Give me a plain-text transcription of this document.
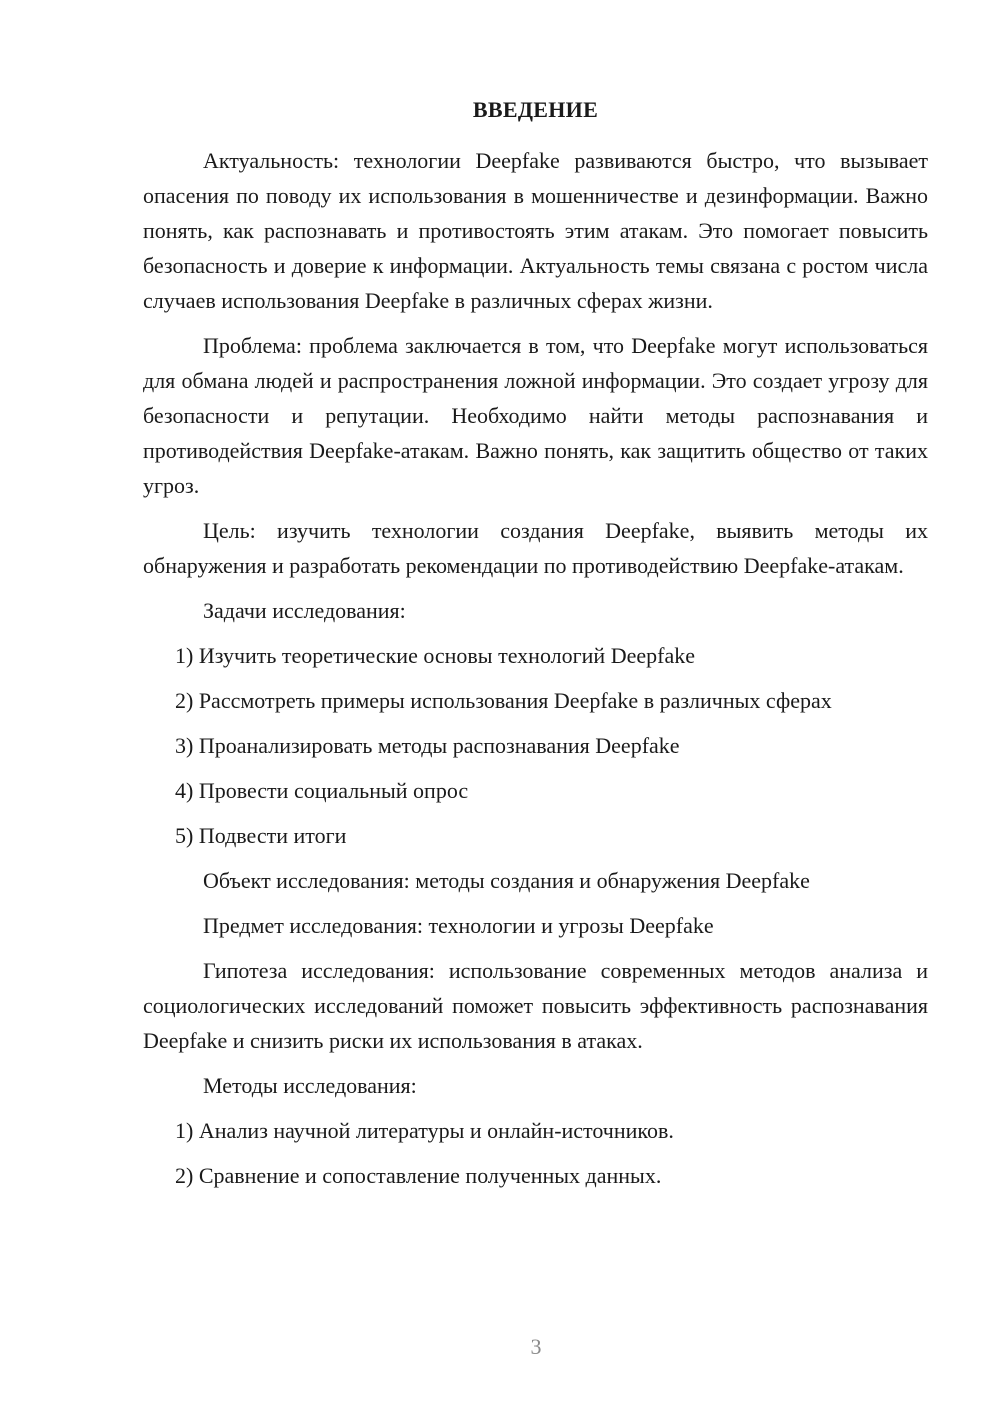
ВВЕДЕНИЕ

Актуальность: технологии Deepfake развиваются быстро, что вызывает опасения по поводу их использования в мошенничестве и дезинформации. Важно понять, как распознавать и противостоять этим атакам. Это помогает повысить безопасность и доверие к информации. Актуальность темы связана с ростом числа случаев использования Deepfake в различных сферах жизни.

Проблема: проблема заключается в том, что Deepfake могут использоваться для обмана людей и распространения ложной информации. Это создает угрозу для безопасности и репутации. Необходимо найти методы распознавания и противодействия Deepfake-атакам. Важно понять, как защитить общество от таких угроз.

Цель: изучить технологии создания Deepfake, выявить методы их обнаружения и разработать рекомендации по противодействию Deepfake-атакам.

Задачи исследования:
1) Изучить теоретические основы технологий Deepfake
2) Рассмотреть примеры использования Deepfake в различных сферах
3) Проанализировать методы распознавания Deepfake
4) Провести социальный опрос
5) Подвести итоги
Объект исследования: методы создания и обнаружения Deepfake
Предмет исследования: технологии и угрозы Deepfake

Гипотеза исследования: использование современных методов анализа и социологических исследований поможет повысить эффективность распознавания Deepfake и снизить риски их использования в атаках.

Методы исследования:
1) Анализ научной литературы и онлайн-источников.
2) Сравнение и сопоставление полученных данных.
3
